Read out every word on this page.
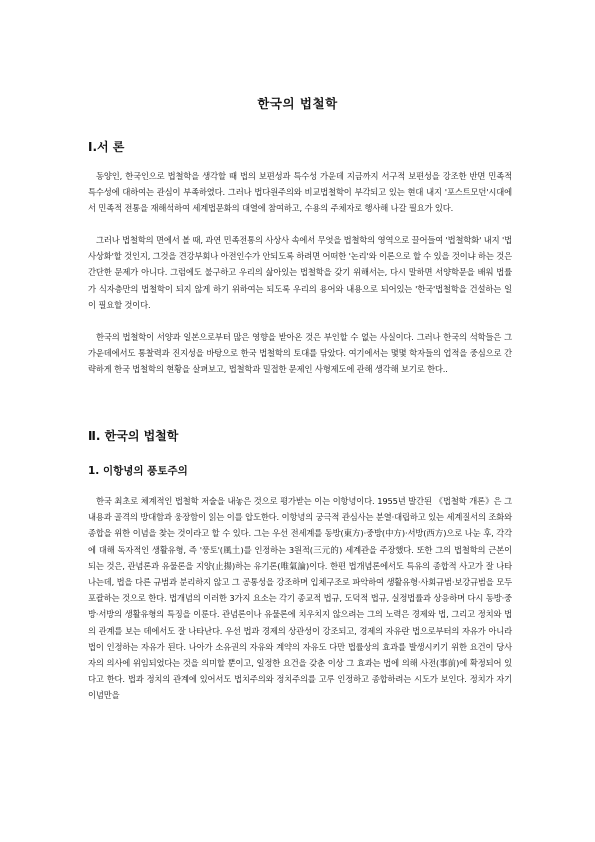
한국의 법철학
Ⅰ.서 론

동양인, 한국인으로 법철학을 생각할 때 법의 보편성과 특수성 가운데 지금까지 서구적 보편성을 강조한 반면 민족적 특수성에 대하여는 관심이 부족하였다. 그러나 법다원주의와 비교법철학이 부각되고 있는 현대 내지 '포스트모던'시대에서 민족적 전통을 재해석하여 세계법문화의 대열에 참여하고, 수용의 주체자로 행사해 나갈 필요가 있다.

그러나 법철학의 면에서 볼 때, 과연 민족전통의 사상사 속에서 무엇을 법철학의 영역으로 끌어들여 '법철학화' 내지 '법사상화'할 것인지, 그것을 견강부회나 아전인수가 안되도록 하려면 어떠한 '논리'와 이론으로 할 수 있을 것이냐 하는 것은 간단한 문제가 아니다. 그럼에도 불구하고 우리의 삶아있는 법철학을 갖기 위해서는, 다시 말하면 서양학문을 배워 법률가 식자층만의 법철학이 되지 않게 하기 위하여는 되도록 우리의 용어와 내용으로 되어있는 '한국'법철학을 건설하는 일이 필요할 것이다.

한국의 법철학이 서양과 일본으로부터 많은 영향을 받아온 것은 부인할 수 없는 사실이다. 그러나 한국의 석학들은 그 가운데에서도 통찰력과 진지성을 바탕으로 한국 법철학의 토대를 닦았다. 여기에서는 몇몇 학자들의 업적을 중심으로 간략하게 한국 법철학의 현황을 살펴보고, 법철학과 밀접한 문제인 사형제도에 관해 생각해 보기로 한다..

Ⅱ. 한국의 법철학
1. 이항녕의 풍토주의

한국 최초로 체계적인 법철학 저술을 내놓은 것으로 평가받는 이는 이항녕이다. 1955년 발간된 《법철학 개론》은 그 내용과 골격의 방대함과 웅장함이 읽는 이를 압도한다. 이항녕의 궁극적 관심사는 분열·대립하고 있는 세계질서의 조화와 종합을 위한 이념을 찾는 것이라고 할 수 있다. 그는 우선 전세계를 동방(東方)·중방(中方)·서방(西方)으로 나눈 후, 각각에 대해 독자적인 생활유형, 즉 '풍토'(風土)를 인정하는 3원적(三元的) 세계관을 주장했다. 또한 그의 법철학의 근본이 되는 것은, 관념론과 유물론을 지양(止揚)하는 유기론(唯氣論)이다. 한편 법개념론에서도 특유의 종합적 사고가 잘 나타나는데, 법을 다른 규범과 분리하지 않고 그 공통성을 강조하며 입체구조로 파악하여 생활유형·사회규범·보강규범을 모두 포괄하는 것으로 한다. 법개념의 이러한 3가지 요소는 각기 종교적 법규, 도덕적 법규, 실정법률과 상응하며 다시 동방·중방·서방의 생활유형의 특징을 이룬다. 관념론이나 유물론에 치우치지 않으려는 그의 노력은 경제와 법, 그리고 정치와 법의 관계를 보는 데에서도 잘 나타난다. 우선 법과 경제의 상관성이 강조되고, 경제의 자유란 법으로부터의 자유가 아니라 법이 인정하는 자유가 된다. 나아가 소유권의 자유와 계약의 자유도 다만 법률상의 효과를 발생시키기 위한 요건이 당사자의 의사에 위임되었다는 것을 의미할 뿐이고, 일정한 요건을 갖춘 이상 그 효과는 법에 의해 사전(事前)에 확정되어 있다고 한다. 법과 정치의 관계에 있어서도 법치주의와 정치주의를 고루 인정하고 종합하려는 시도가 보인다. 정치가 자기 이념만을
